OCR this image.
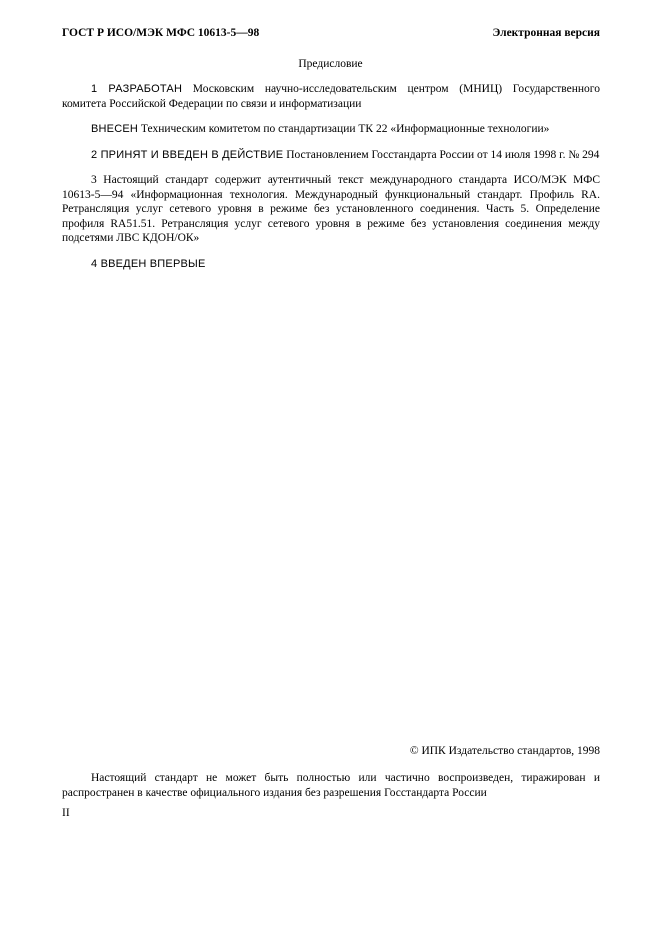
ГОСТ Р ИСО/МЭК МФС 10613-5—98	Электронная версия
Предисловие

1 РАЗРАБОТАН Московским научно-исследовательским центром (МНИЦ) Государственного комитета Российской Федерации по связи и информатизации

ВНЕСЕН Техническим комитетом по стандартизации ТК 22 «Информационные технологии»

2 ПРИНЯТ И ВВЕДЕН В ДЕЙСТВИЕ Постановлением Госстандарта России от 14 июля 1998 г. № 294

3 Настоящий стандарт содержит аутентичный текст международного стандарта ИСО/МЭК МФС 10613-5—94 «Информационная технология. Международный функциональный стандарт. Профиль RA. Ретрансляция услуг сетевого уровня в режиме без установленного соединения. Часть 5. Определение профиля RA51.51. Ретрансляция услуг сетевого уровня в режиме без установления соединения между подсетями ЛВС КДОН/ОК»

4 ВВЕДЕН ВПЕРВЫЕ

© ИПК Издательство стандартов, 1998

Настоящий стандарт не может быть полностью или частично воспроизведен, тиражирован и распространен в качестве официального издания без разрешения Госстандарта России

II
